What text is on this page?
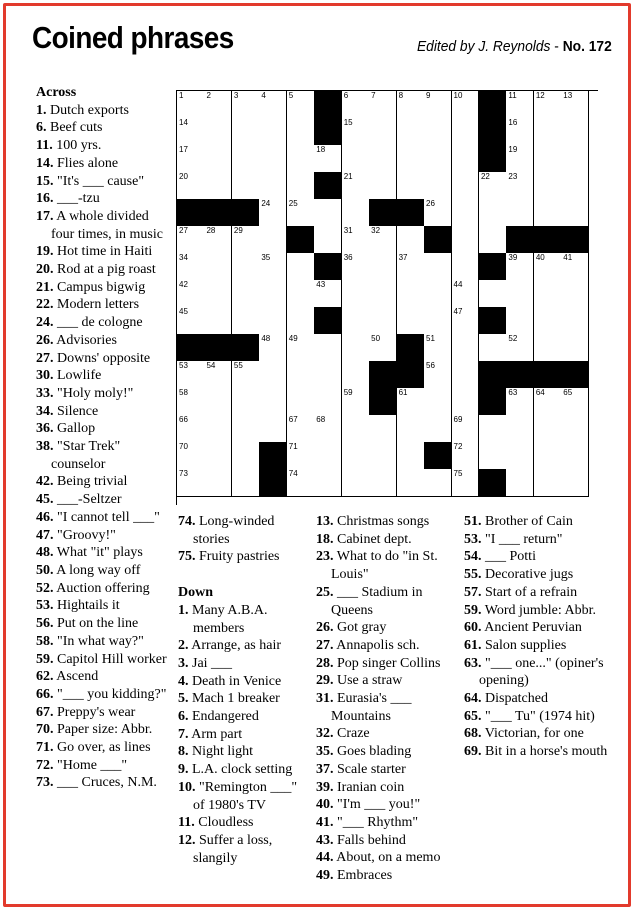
Coined phrases	Edited by J. Reynolds - No. 172
1	2	3	4	5	6	7	8	9	10	11 12 13
14	15	16
17	18	19
20	21	22 23
24 25	26
27 28 29	31 32
34	35	36	37	39 40 41
42	43	44
45	47
48 49	50	51	52
53 54 55	56
58	59	61	63 64 65
66	67 68	69
70	71	72
73	74	75
Across
1. Dutch exports
6. Beef cuts
11. 100 yrs.
14. Flies alone
15. "It's ___ cause"
16. ___-tzu
17. A whole divided four times, in music
19. Hot time in Haiti
20. Rod at a pig roast
21. Campus bigwig
22. Modern letters
24. ___ de cologne
26. Advisories
27. Downs' opposite
30. Lowlife
33. "Holy moly!"
34. Silence
36. Gallop
38. "Star Trek" counselor
42. Being trivial
45. ___-Seltzer
46. "I cannot tell ___"
47. "Groovy!"
48. What "it" plays
50. A long way off
52. Auction offering
53. Hightails it
56. Put on the line
58. "In what way?"
59. Capitol Hill worker
62. Ascend
66. "___ you kidding?"
67. Preppy's wear
70. Paper size: Abbr.
71. Go over, as lines
72. "Home ___"
73. ___ Cruces, N.M.
74. Long-winded stories
75. Fruity pastries
Down
1. Many A.B.A. members
2. Arrange, as hair
3. Jai ___
4. Death in Venice
5. Mach 1 breaker
6. Endangered
7. Arm part
8. Night light
9. L.A. clock setting
10. "Remington ___" of 1980's TV
11. Cloudless
12. Suffer a loss, slangily
13. Christmas songs
18. Cabinet dept.
23. What to do "in St. Louis"
25. ___ Stadium in Queens
26. Got gray
27. Annapolis sch.
28. Pop singer Collins
29. Use a straw
31. Eurasia's ___ Mountains
32. Craze
35. Goes blading
37. Scale starter
39. Iranian coin
40. "I'm ___ you!"
41. "___ Rhythm"
43. Falls behind
44. About, on a memo
49. Embraces
51. Brother of Cain
53. "I ___ return"
54. ___ Potti
55. Decorative jugs
57. Start of a refrain
59. Word jumble: Abbr.
60. Ancient Peruvian
61. Salon supplies
63. "___ one..." (opiner's opening)
64. Dispatched
65. "___ Tu" (1974 hit)
68. Victorian, for one
69. Bit in a horse's mouth
